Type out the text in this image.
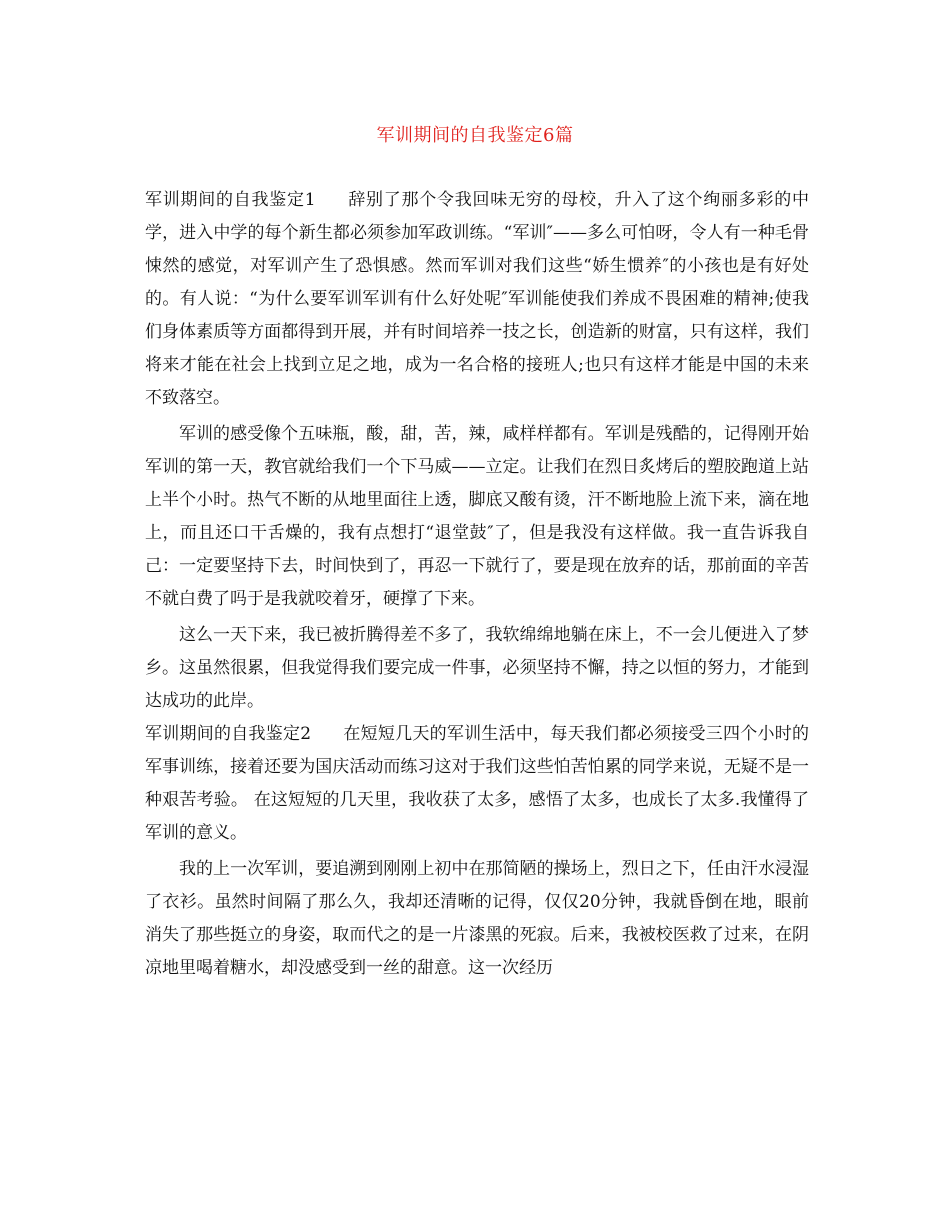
军训期间的自我鉴定6篇

军训期间的自我鉴定1 辞别了那个令我回味无穷的母校，升入了这个绚丽多彩的中学，进入中学的每个新生都必须参加军政训练。“军训″——多么可怕呀，令人有一种毛骨悚然的感觉，对军训产生了恐惧感。然而军训对我们这些“娇生惯养″的小孩也是有好处的。有人说：“为什么要军训军训有什么好处呢″军训能使我们养成不畏困难的精神;使我们身体素质等方面都得到开展，并有时间培养一技之长，创造新的财富，只有这样，我们将来才能在社会上找到立足之地，成为一名合格的接班人;也只有这样才能是中国的未来不致落空。

军训的感受像个五味瓶，酸，甜，苦，辣，咸样样都有。军训是残酷的，记得刚开始军训的第一天，教官就给我们一个下马威——立定。让我们在烈日炙烤后的塑胶跑道上站上半个小时。热气不断的从地里面往上透，脚底又酸有烫，汗不断地脸上流下来，滴在地上，而且还口干舌燥的，我有点想打“退堂鼓″了，但是我没有这样做。我一直告诉我自己：一定要坚持下去，时间快到了，再忍一下就行了，要是现在放弃的话，那前面的辛苦不就白费了吗于是我就咬着牙，硬撑了下来。

这么一天下来，我已被折腾得差不多了，我软绵绵地躺在床上，不一会儿便进入了梦乡。这虽然很累，但我觉得我们要完成一件事，必须坚持不懈，持之以恒的努力，才能到达成功的此岸。

军训期间的自我鉴定2 在短短几天的军训生活中，每天我们都必须接受三四个小时的军事训练，接着还要为国庆活动而练习这对于我们这些怕苦怕累的同学来说，无疑不是一种艰苦考验。 在这短短的几天里，我收获了太多，感悟了太多，也成长了太多.我懂得了军训的意义。

我的上一次军训，要追溯到刚刚上初中在那简陋的操场上，烈日之下，任由汗水浸湿了衣衫。虽然时间隔了那么久，我却还清晰的记得，仅仅20分钟，我就昏倒在地，眼前消失了那些挺立的身姿，取而代之的是一片漆黑的死寂。后来，我被校医救了过来，在阴凉地里喝着糖水，却没感受到一丝的甜意。这一次经历
